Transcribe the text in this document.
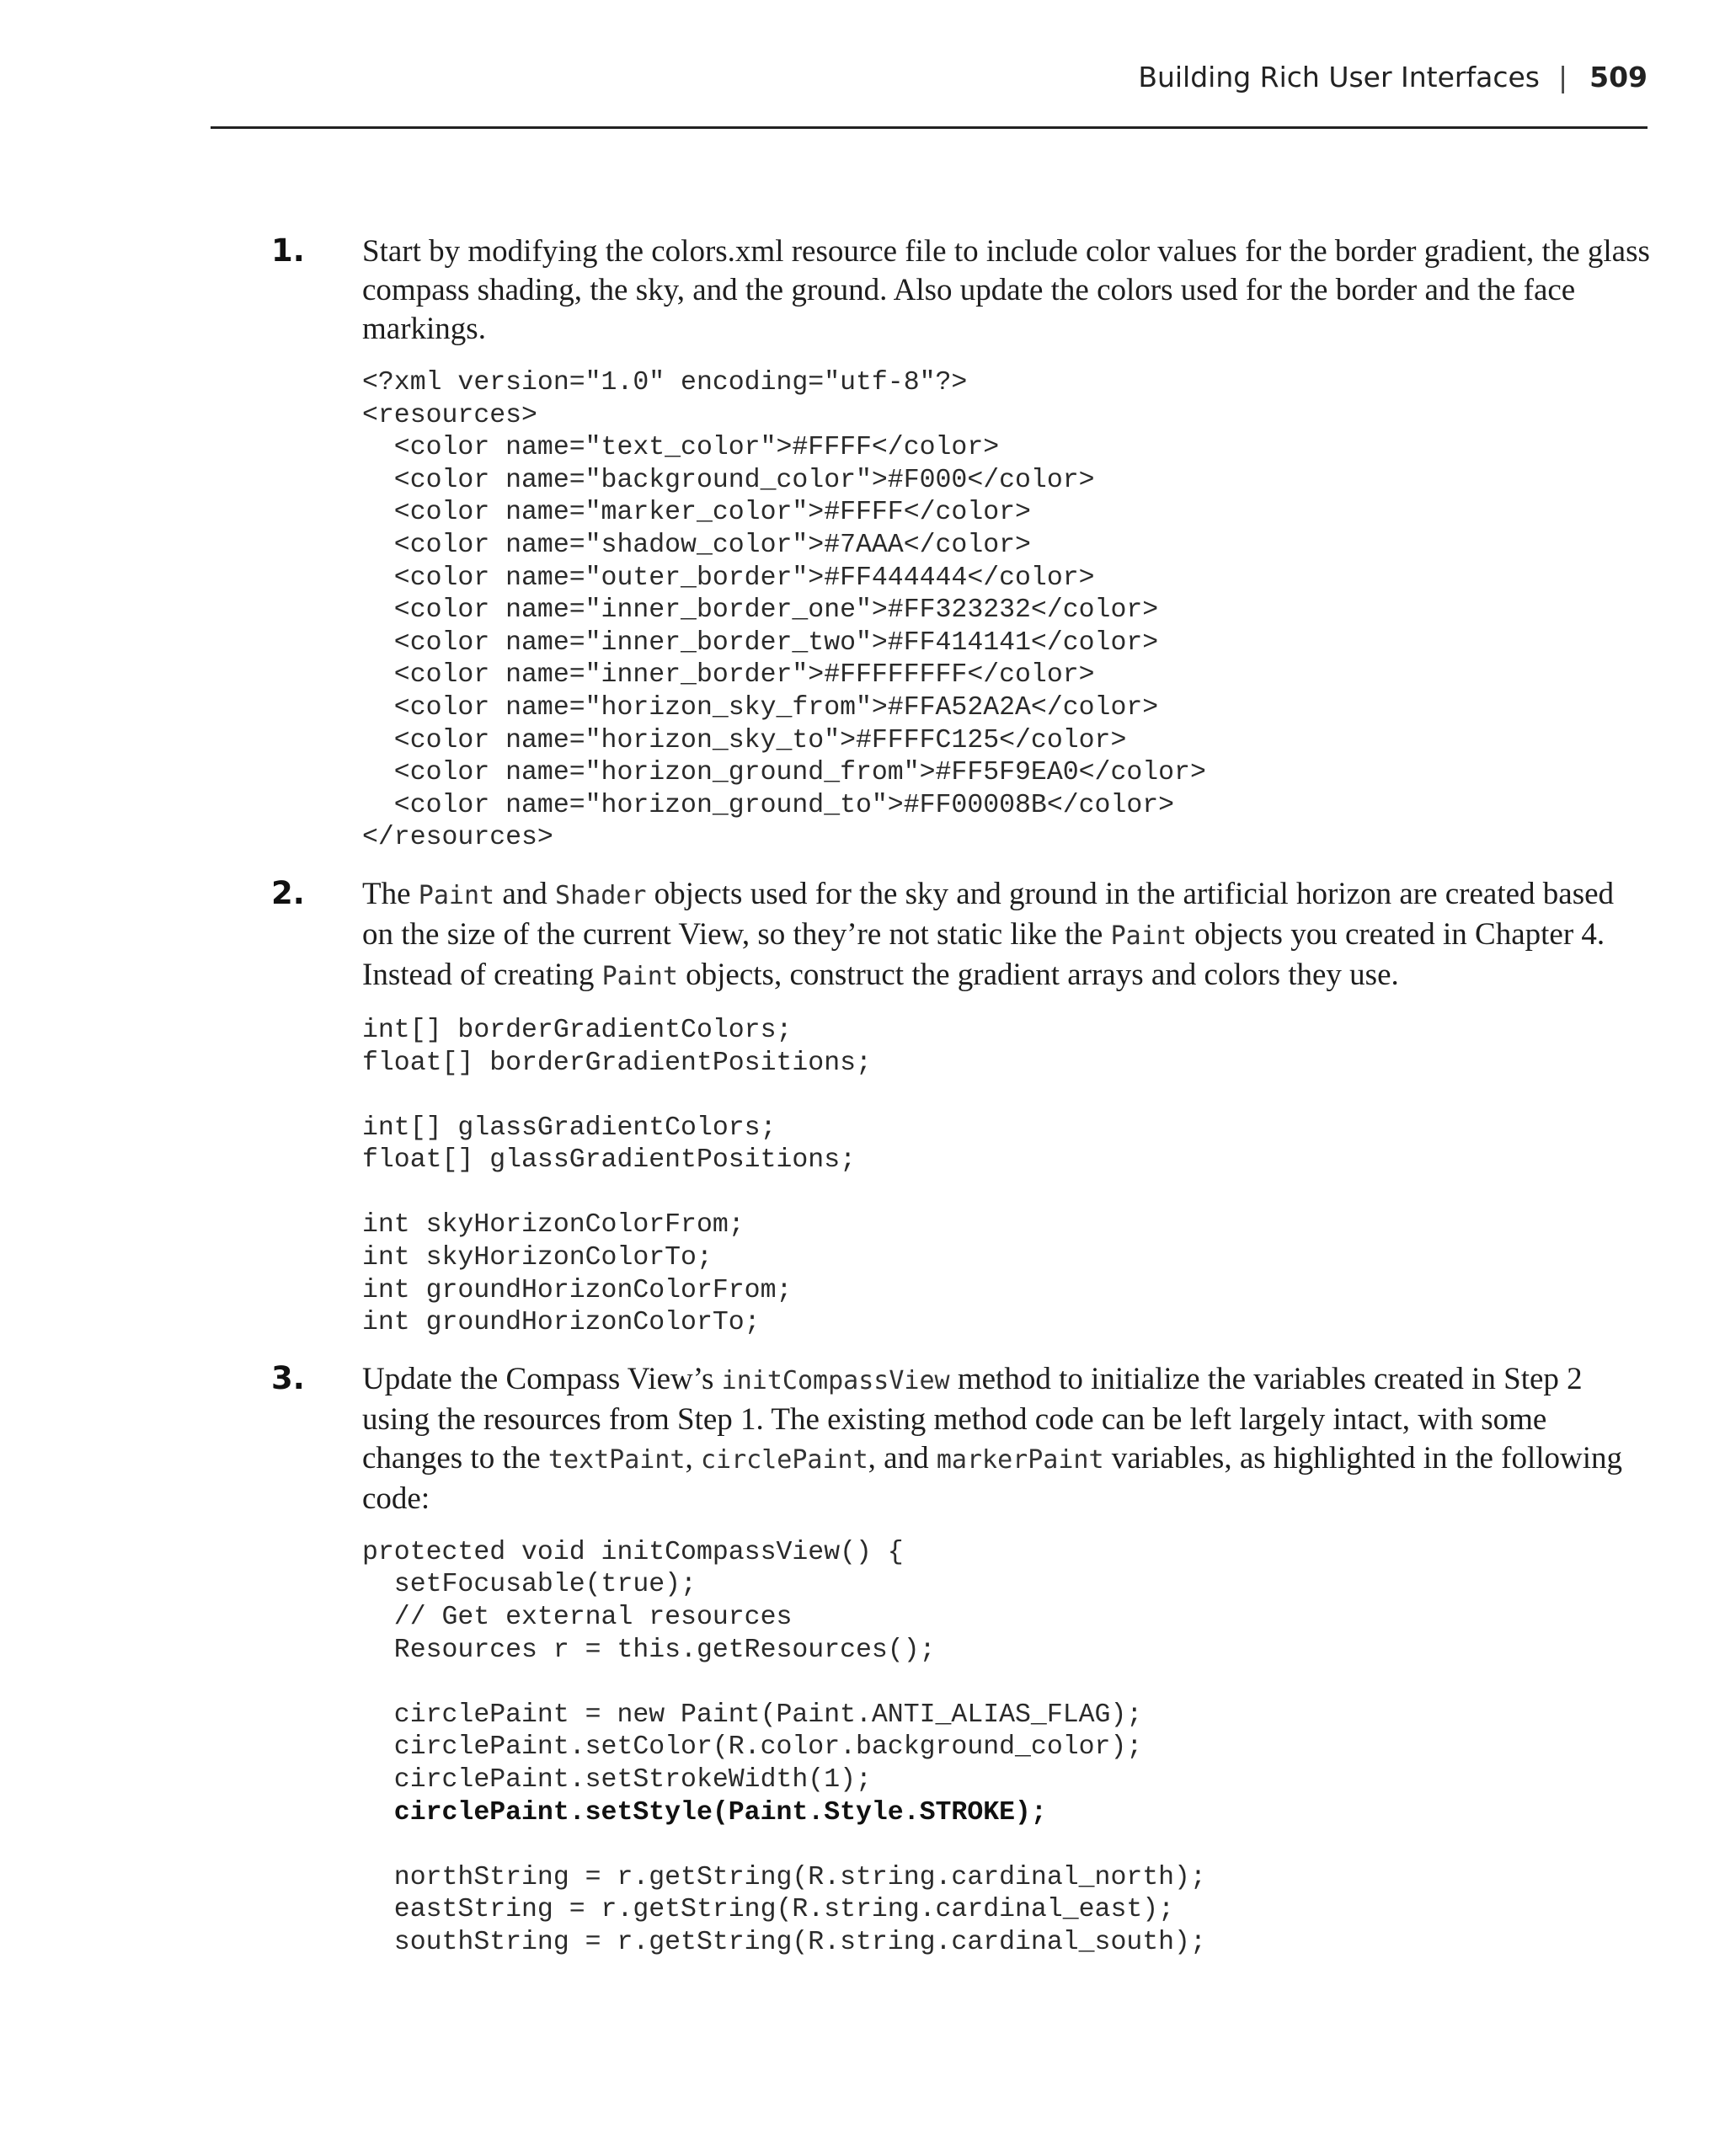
Building Rich User Interfaces | 509
1. Start by modifying the colors.xml resource file to include color values for the border gradient, the glass compass shading, the sky, and the ground. Also update the colors used for the border and the face markings.
<?xml version="1.0" encoding="utf-8"?>
<resources>
<color name="text_color">#FFFF</color>
<color name="background_color">#F000</color>
<color name="marker_color">#FFFF</color>
<color name="shadow_color">#7AAA</color>
<color name="outer_border">#FF444444</color>
<color name="inner_border_one">#FF323232</color>
<color name="inner_border_two">#FF414141</color>
<color name="inner_border">#FFFFFFFF</color>
<color name="horizon_sky_from">#FFA52A2A</color>
<color name="horizon_sky_to">#FFFFC125</color>
<color name="horizon_ground_from">#FF5F9EA0</color>
<color name="horizon_ground_to">#FF00008B</color>
</resources>
2. The Paint and Shader objects used for the sky and ground in the artificial horizon are created based on the size of the current View, so they’re not static like the Paint objects you created in Chapter 4. Instead of creating Paint objects, construct the gradient arrays and colors they use.
int[] borderGradientColors;
float[] borderGradientPositions;

int[] glassGradientColors;
float[] glassGradientPositions;

int skyHorizonColorFrom;
int skyHorizonColorTo;
int groundHorizonColorFrom;
int groundHorizonColorTo;
3. Update the Compass View’s initCompassView method to initialize the variables created in Step 2 using the resources from Step 1. The existing method code can be left largely intact, with some changes to the textPaint, circlePaint, and markerPaint variables, as highlighted in the following code:
protected void initCompassView() {
setFocusable(true);
// Get external resources
Resources r = this.getResources();

circlePaint = new Paint(Paint.ANTI_ALIAS_FLAG);
circlePaint.setColor(R.color.background_color);
circlePaint.setStrokeWidth(1);
circlePaint.setStyle(Paint.Style.STROKE);

northString = r.getString(R.string.cardinal_north);
eastString = r.getString(R.string.cardinal_east);
southString = r.getString(R.string.cardinal_south);
